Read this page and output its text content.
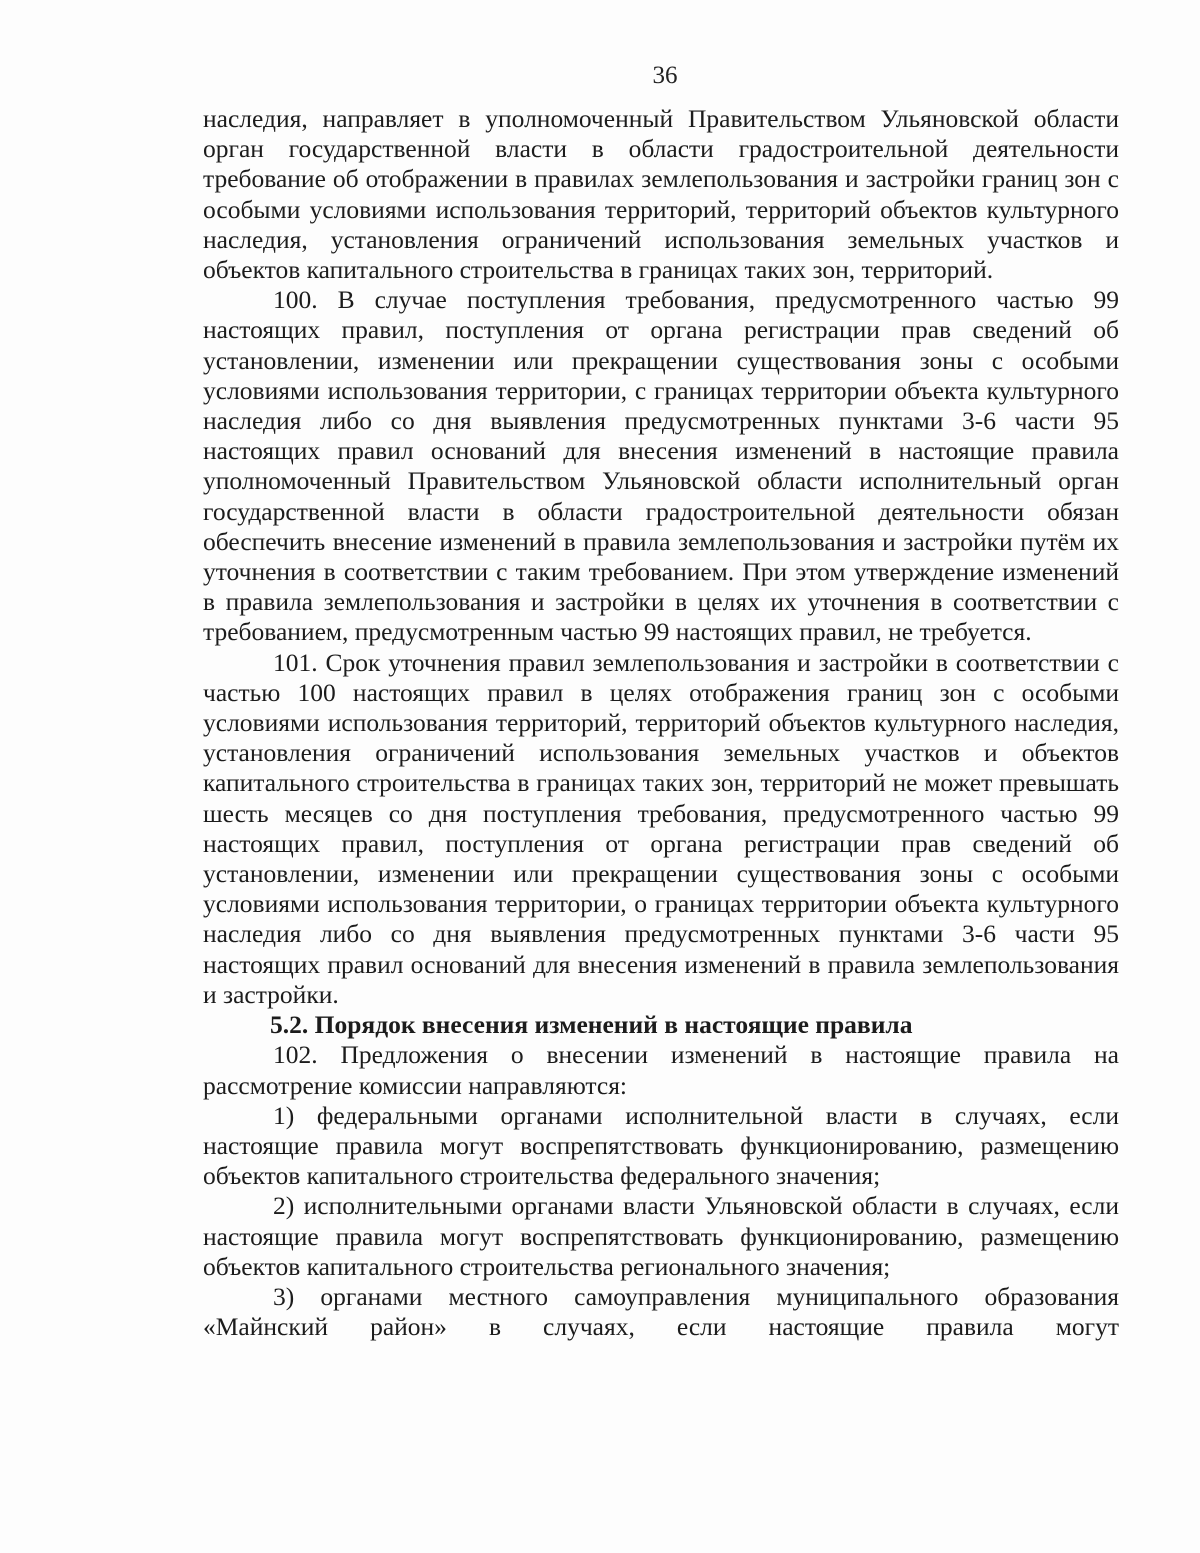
36

наследия, направляет в уполномоченный Правительством Ульяновской области орган государственной власти в области градостроительной деятельности требование об отображении в правилах землепользования и застройки границ зон с особыми условиями использования территорий, территорий объектов культурного наследия, установления ограничений использования земельных участков и объектов капитального строительства в границах таких зон, территорий.

100. В случае поступления требования, предусмотренного частью 99 настоящих правил, поступления от органа регистрации прав сведений об установлении, изменении или прекращении существования зоны с особыми условиями использования территории, с границах территории объекта культурного наследия либо со дня выявления предусмотренных пунктами 3-6 части 95 настоящих правил оснований для внесения изменений в настоящие правила уполномоченный Правительством Ульяновской области исполнительный орган государственной власти в области градостроительной деятельности обязан обеспечить внесение изменений в правила землепользования и застройки путём их уточнения в соответствии с таким требованием. При этом утверждение изменений в правила землепользования и застройки в целях их уточнения в соответствии с требованием, предусмотренным частью 99 настоящих правил, не требуется.

101. Срок уточнения правил землепользования и застройки в соответствии с частью 100 настоящих правил в целях отображения границ зон с особыми условиями использования территорий, территорий объектов культурного наследия, установления ограничений использования земельных участков и объектов капитального строительства в границах таких зон, территорий не может превышать шесть месяцев со дня поступления требования, предусмотренного частью 99 настоящих правил, поступления от органа регистрации прав сведений об установлении, изменении или прекращении существования зоны с особыми условиями использования территории, о границах территории объекта культурного наследия либо со дня выявления предусмотренных пунктами 3-6 части 95 настоящих правил оснований для внесения изменений в правила землепользования и застройки.

5.2. Порядок внесения изменений в настоящие правила

102. Предложения о внесении изменений в настоящие правила на рассмотрение комиссии направляются:

1) федеральными органами исполнительной власти в случаях, если настоящие правила могут воспрепятствовать функционированию, размещению объектов капитального строительства федерального значения;

2) исполнительными органами власти Ульяновской области в случаях, если настоящие правила могут воспрепятствовать функционированию, размещению объектов капитального строительства регионального значения;

3) органами местного самоуправления муниципального образования «Майнский район» в случаях, если настоящие правила могут
